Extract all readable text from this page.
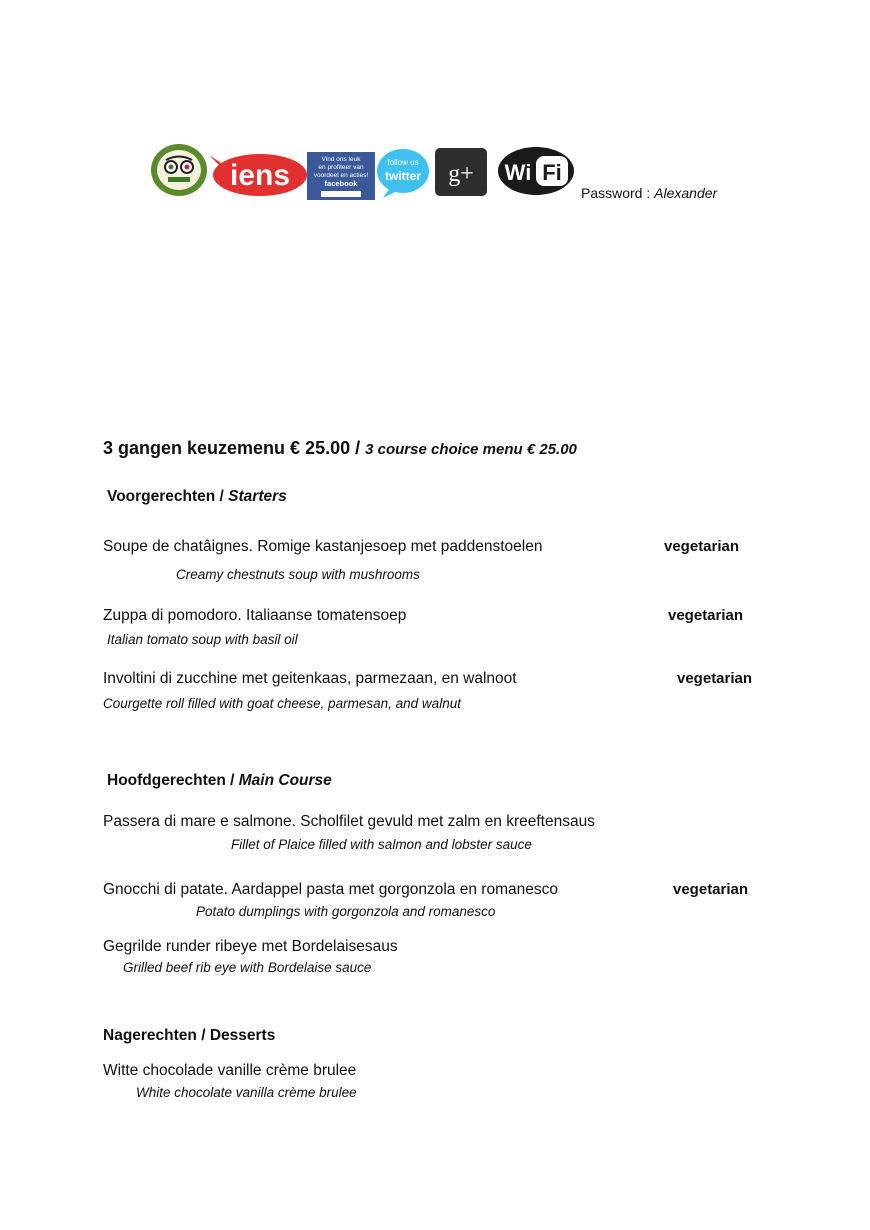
iens	Vind ons leuk
en profiteer van
voordeel en acties!
facebook
follow us
twitter g+ Wi Fi
Password : Alexander
3 gangen keuzemenu € 25.00 / 3 course choice menu € 25.00
Voorgerechten / Starters
Soupe de chatâignes. Romige kastanjesoep met paddenstoelen	vegetarian
Creamy chestnuts soup with mushrooms
Zuppa di pomodoro. Italiaanse tomatensoep	vegetarian
Italian tomato soup with basil oil
Involtini di zucchine met geitenkaas, parmezaan, en walnoot	vegetarian
Courgette roll filled with goat cheese, parmesan, and walnut
Hoofdgerechten / Main Course
Passera di mare e salmone. Scholfilet gevuld met zalm en kreeftensaus
Fillet of Plaice filled with salmon and lobster sauce
Gnocchi di patate. Aardappel pasta met gorgonzola en romanesco	vegetarian
Potato dumplings with gorgonzola and romanesco
Gegrilde runder ribeye met Bordelaisesaus
Grilled beef rib eye with Bordelaise sauce
Nagerechten / Desserts
Witte chocolade vanille crème brulee
White chocolate vanilla crème brulee
